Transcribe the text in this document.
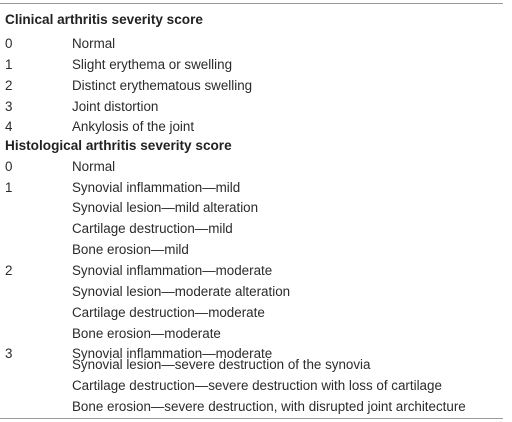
Clinical arthritis severity score
0	Normal
1	Slight erythema or swelling
2	Distinct erythematous swelling
3	Joint distortion
4	Ankylosis of the joint
Histological arthritis severity score
0	Normal
1	Synovial inflammation—mild
Synovial lesion—mild alteration
Cartilage destruction—mild
Bone erosion—mild
2	Synovial inflammation—moderate
Synovial lesion—moderate alteration
Cartilage destruction—moderate
Bone erosion—moderate
3	Synovial inflammation—moderate
Synovial lesion—severe destruction of the synovia
Cartilage destruction—severe destruction with loss of cartilage
Bone erosion—severe destruction, with disrupted joint architecture
